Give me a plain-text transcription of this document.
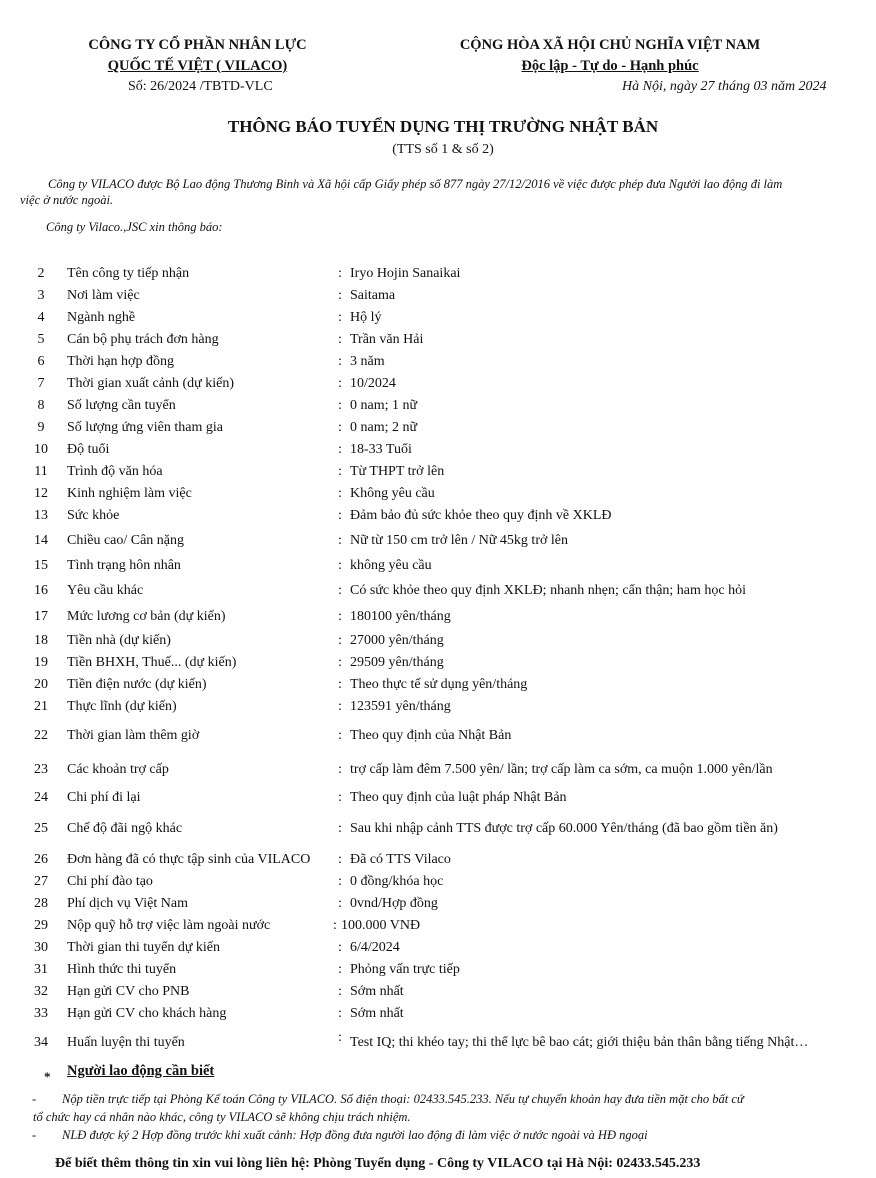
CÔNG TY CỔ PHẦN NHÂN LỰC
QUỐC TẾ VIỆT ( VILACO)
Số: 26/2024 /TBTD-VLC
CỘNG HÒA XÃ HỘI CHỦ NGHĨA VIỆT NAM
Độc lập - Tự do - Hạnh phúc
Hà Nội, ngày 27 tháng 03 năm 2024
THÔNG BÁO TUYỂN DỤNG THỊ TRƯỜNG NHẬT BẢN
(TTS số 1 & số 2)
Công ty VILACO được Bộ Lao động Thương Binh và Xã hội cấp Giấy phép số 877 ngày 27/12/2016 về việc được phép đưa Người lao động đi làm
việc ở nước ngoài.
Công ty Vilaco.,JSC xin thông báo:
2	Tên công ty tiếp nhận	: Iryo Hojin Sanaikai
3	Nơi làm việc	: Saitama
4	Ngành nghề	: Hộ lý
5	Cán bộ phụ trách đơn hàng	: Trần văn Hải
6	Thời hạn hợp đồng	: 3 năm
7	Thời gian xuất cảnh (dự kiến)	: 10/2024
8	Số lượng cần tuyển	: 0 nam; 1 nữ
9	Số lượng ứng viên tham gia	: 0 nam; 2 nữ
10	Độ tuổi	: 18-33 Tuổi
11	Trình độ văn hóa	: Từ THPT trở lên
12	Kinh nghiệm làm việc	: Không yêu cầu
13	Sức khỏe	: Đảm bảo đủ sức khỏe theo quy định về XKLĐ
14	Chiều cao/ Cân nặng	: Nữ từ 150 cm trở lên / Nữ 45kg trở lên
15	Tình trạng hôn nhân	: không yêu cầu
16	Yêu cầu khác	: Có sức khỏe theo quy định XKLĐ; nhanh nhẹn; cẩn thận; ham học hỏi
17	Mức lương cơ bản (dự kiến)	: 180100 yên/tháng
18	Tiền nhà (dự kiến)	: 27000 yên/tháng
19	Tiền BHXH, Thuế... (dự kiến)	: 29509 yên/tháng
20	Tiền điện nước (dự kiến)	: Theo thực tế sử dụng yên/tháng
21	Thực lĩnh (dự kiến)	: 123591 yên/tháng
22	Thời gian làm thêm giờ	: Theo quy định của Nhật Bản
23	Các khoản trợ cấp	: trợ cấp làm đêm 7.500 yên/ lần; trợ cấp làm ca sớm, ca muộn 1.000 yên/lần
24	Chi phí đi lại	: Theo quy định của luật pháp Nhật Bản
25	Chế độ đãi ngộ khác	: Sau khi nhập cảnh TTS được trợ cấp 60.000 Yên/tháng (đã bao gồm tiền ăn)
26	Đơn hàng đã có thực tập sinh của VILACO : Đã có TTS Vilaco
27	Chi phí đào tạo	: 0 đồng/khóa học
28	Phí dịch vụ Việt Nam	: 0vnd/Hợp đồng
29	Nộp quỹ hỗ trợ việc làm ngoài nước	: 100.000 VNĐ
30	Thời gian thi tuyển dự kiến	: 6/4/2024
31	Hình thức thi tuyển	: Phỏng vấn trực tiếp
32	Hạn gửi CV cho PNB	: Sớm nhất
33	Hạn gửi CV cho khách hàng	: Sớm nhất
34	Huấn luyện thi tuyển	: Test IQ; thi khéo tay; thi thể lực bê bao cát; giới thiệu bản thân bằng tiếng Nhật…
* Người lao động cần biết
- Nộp tiền trực tiếp tại Phòng Kế toán Công ty VILACO. Số điện thoại: 02433.545.233. Nếu tự chuyển khoản hay đưa tiền mặt cho bất cứ
tổ chức hay cá nhân nào khác, công ty VILACO sẽ không chịu trách nhiệm.
- NLĐ được ký 2 Hợp đồng trước khi xuất cảnh: Hợp đồng đưa người lao động đi làm việc ở nước ngoài và HĐ ngoại
Để biết thêm thông tin xin vui lòng liên hệ: Phòng Tuyển dụng - Công ty VILACO tại Hà Nội: 02433.545.233
